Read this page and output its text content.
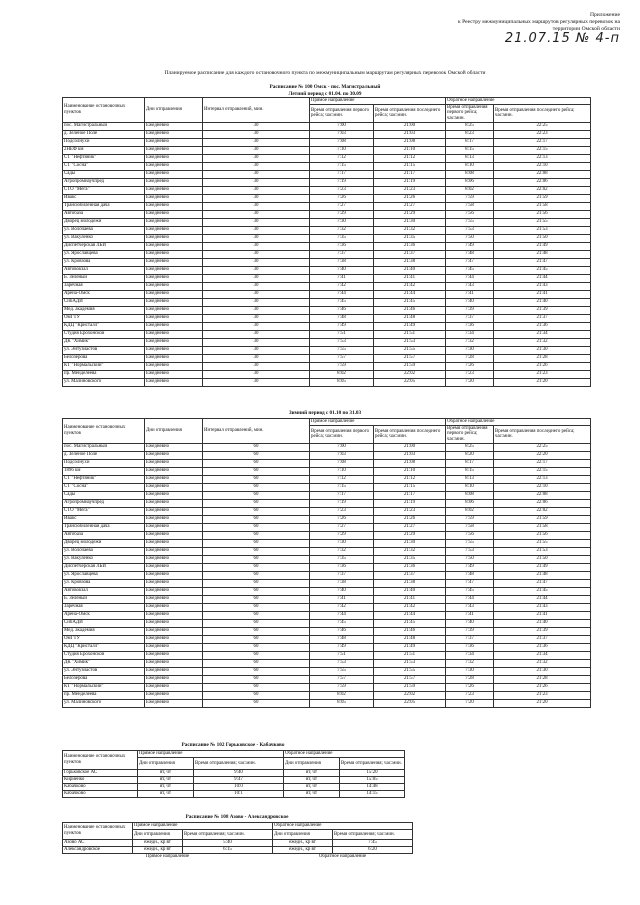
Приложение
к Реестру межмуниципальных маршрутов регулярных перевозок на
территории Омской области
21.07.15 № 4-п
Планируемое расписание для каждого остановочного пункта по межмуниципальным маршрутам регулярных перевозок Омской области
Расписание № 100 Омск - пос. Магистральный
Летний период с 01.04. по 30.09
Наименование остановочных пунктов	Дни отправления	Интервал отправлений, мин.	Прямое направление		Обратное направление	
			Время отправления первого рейса; час:мин.	Время отправления последнего рейса; час:мин.	Время отправления первого рейса; час:мин.	Время отправления последнего рейса; час:мин.
пос. Магистральный	Ежедневно	30	7:00	21:00	8:25	22:25
д. Зеленое Поле	Ежедневно	30	7:03	21:03	8:23	22:23
Подсолнухи	Ежедневно	30	7:08	21:08	8:17	22:17
2НЕФ км	Ежедневно	30	7:10	21:10	8:15	22:15
СТ "Нефтяник"	Ежедневно	30	7:12	21:12	8:13	22:13
СТ "Сосна"	Ежедневно	30	7:15	21:15	8:10	22:10
Сады	Ежедневно	30	7:17	21:17	8:08	22:08
Агропромнаучпред	Ежедневно	30	7:19	21:19	8:06	22:06
СТО "Мега"	Ежедневно	30	7:23	21:23	8:02	22:02
Ивакс	Ежедневно	30	7:26	21:26	7:59	21:59
Трансюбилейная дача	Ежедневно	30	7:27	21:27	7:58	21:58
Автобаза	Ежедневно	30	7:29	21:29	7:56	21:56
Дворец молодежи	Ежедневно	30	7:30	21:30	7:55	21:55
ул. Волочаева	Ежедневно	30	7:32	21:32	7:53	21:53
ул. Вакуленко	Ежедневно	30	7:35	21:35	7:50	21:50
Диспетчерская ЛБИ	Ежедневно	30	7:36	21:36	7:49	21:49
ул. Ярославцева	Ежедневно	30	7:37	21:37	7:48	21:48
ул. Кровзова	Ежедневно	30	7:38	21:38	7:47	21:47
Автовокзал	Ежедневно	30	7:40	21:40	7:45	21:45
Б. Зеленый	Ежедневно	30	7:41	21:41	7:44	21:44
Заречная	Ежедневно	30	7:42	21:42	7:43	21:43
Арена-Омск	Ежедневно	30	7:44	21:44	7:41	21:41
СибАДИ	Ежедневно	30	7:45	21:45	7:40	21:40
Мед. академия	Ежедневно	30	7:46	21:46	7:39	21:39
ОмГТУ	Ежедневно	30	7:48	21:48	7:37	21:37
КДЦ "Кристалл"	Ежедневно	30	7:49	21:49	7:36	21:36
Студия Ерохонской	Ежедневно	30	7:51	21:51	7:34	21:34
ДК "Химик"	Ежедневно	30	7:53	21:53	7:32	21:32
ул. Энтузиастов	Ежедневно	30	7:55	21:55	7:30	21:30
Белозерова	Ежедневно	30	7:57	21:57	7:28	21:28
КТ "Нормальский"	Ежедневно	30	7:59	21:59	7:26	21:26
пр. Менделеева	Ежедневно	30	8:02	22:02	7:23	21:23
ул. Малиновского	Ежедневно	30	8:05	22:05	7:20	21:20
Зимний период с 01.10 по 31.03
Наименование остановочных пунктов	Дни отправления	Интервал отправлений, мин.	Прямое направление		Обратное направление	
			Время отправления первого рейса; час:мин.	Время отправления последнего рейса; час:мин.	Время отправления первого рейса; час:мин.	Время отправления последнего рейса; час:мин.
пос. Магистральный	Ежедневно	60	7:00	21:00	8:25	22:25
д. Зеленое Поле	Ежедневно	60	7:03	21:03	8:20	22:20
Подсолнухи	Ежедневно	60	7:08	21:08	8:17	22:17
1896 км	Ежедневно	60	7:10	21:10	8:15	22:15
СТ "Нефтяник"	Ежедневно	60	7:12	21:12	8:13	22:13
СТ "Сосна"	Ежедневно	60	7:15	21:15	8:10	22:10
Сады	Ежедневно	60	7:17	21:17	8:08	22:08
Агропромнаучпред	Ежедневно	60	7:19	21:19	8:06	22:06
СТО "Мега"	Ежедневно	60	7:23	21:23	8:02	22:02
Ивакс	Ежедневно	60	7:26	21:26	7:59	21:59
Трансюбилейная дача	Ежедневно	60	7:27	21:27	7:58	21:58
Автобаза	Ежедневно	60	7:29	21:29	7:56	21:56
Дворец молодежи	Ежедневно	60	7:30	21:30	7:55	21:55
ул. Волочаева	Ежедневно	60	7:32	21:32	7:53	21:53
ул. Вакуленко	Ежедневно	60	7:35	21:35	7:50	21:50
Диспетчерская ЛБИ	Ежедневно	60	7:36	21:36	7:49	21:49
ул. Ярославцева	Ежедневно	60	7:37	21:37	7:48	21:48
ул. Кровзова	Ежедневно	60	7:38	21:38	7:47	21:47
Автовокзал	Ежедневно	60	7:40	21:40	7:45	21:45
Б. Зеленый	Ежедневно	60	7:41	21:41	7:44	21:44
Заречная	Ежедневно	60	7:42	21:42	7:43	21:43
Арена-Омск	Ежедневно	60	7:44	21:44	7:41	21:41
СибАДИ	Ежедневно	60	7:45	21:45	7:40	21:40
Мед. академия	Ежедневно	60	7:46	21:46	7:39	21:39
ОмГТУ	Ежедневно	60	7:48	21:48	7:37	21:37
КДЦ "Кристалл"	Ежедневно	60	7:49	21:49	7:36	21:36
Студия Ерохонской	Ежедневно	60	7:51	21:51	7:34	21:34
ДК "Химик"	Ежедневно	60	7:53	21:53	7:32	21:32
ул. Энтузиастов	Ежедневно	60	7:55	21:55	7:30	21:30
Белозерова	Ежедневно	60	7:57	21:57	7:28	21:28
КТ "Нормальский"	Ежедневно	60	7:59	21:59	7:26	21:26
пр. Менделеева	Ежедневно	60	8:02	22:02	7:23	21:23
ул. Малиновского	Ежедневно	60	8:05	22:05	7:20	21:20
Расписание № 102 Горьковское - Кабачково
Наименование остановочных пунктов	Прямое направление		Обратное направление	
	Дни отправления	Время отправления; час:мин.	Дни отправления	Время отправления; час:мин.
Горьковское АС	вт, чт	9:40	вт, чт	15:20
Кириенко	вт, чт	9:47	вт, чт	15:05
Кабачково	вт, чт	10:0	вт, чт	14:48
Кабачково	вт, чт	10:1	вт, чт	14:15
Расписание № 108 Азово - Александровское
Наименование остановочных пунктов	Прямое направление		Обратное направление	
	Дни отправления	Время отправления; час:мин.	Дни отправления	Время отправления; час:мин.
Азово АС	ежедн., кр вт	5:40	ежедн., кр вт	7:45
Александровское	ежедн., кр вт	6:15	ежедн., кр вт	6:20
Прямое направление			Обратное направление	
